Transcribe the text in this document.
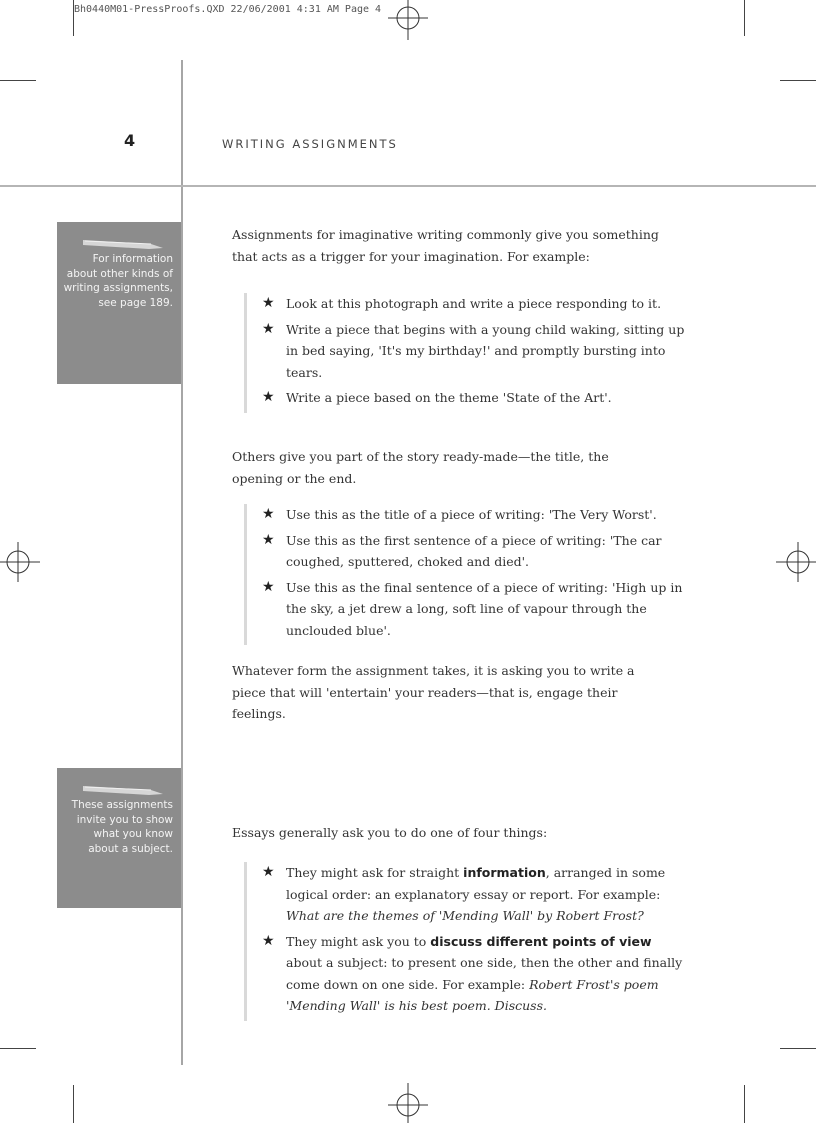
Bh0440M01-PressProofs.QXD 22/06/2001 4:31 AM Page 4
4	WRITING ASSIGNMENTS
For information about other kinds of writing assignments, see page 189.
These assignments invite you to show what you know about a subject.

Assignments for imaginative writing commonly give you something that acts as a trigger for your imagination. For example:

★ Look at this photograph and write a piece responding to it.
★ Write a piece that begins with a young child waking, sitting up in bed saying, 'It's my birthday!' and promptly bursting into tears.
★ Write a piece based on the theme 'State of the Art'.

Others give you part of the story ready-made—the title, the opening or the end.

★ Use this as the title of a piece of writing: 'The Very Worst'.
★ Use this as the first sentence of a piece of writing: 'The car coughed, sputtered, choked and died'.
★ Use this as the final sentence of a piece of writing: 'High up in the sky, a jet drew a long, soft line of vapour through the unclouded blue'.

Whatever form the assignment takes, it is asking you to write a piece that will 'entertain' your readers—that is, engage their feelings.

Essays generally ask you to do one of four things:

★ They might ask for straight information, arranged in some logical order: an explanatory essay or report. For example: What are the themes of 'Mending Wall' by Robert Frost?
★ They might ask you to discuss different points of view about a subject: to present one side, then the other and finally come down on one side. For example: Robert Frost's poem 'Mending Wall' is his best poem. Discuss.
